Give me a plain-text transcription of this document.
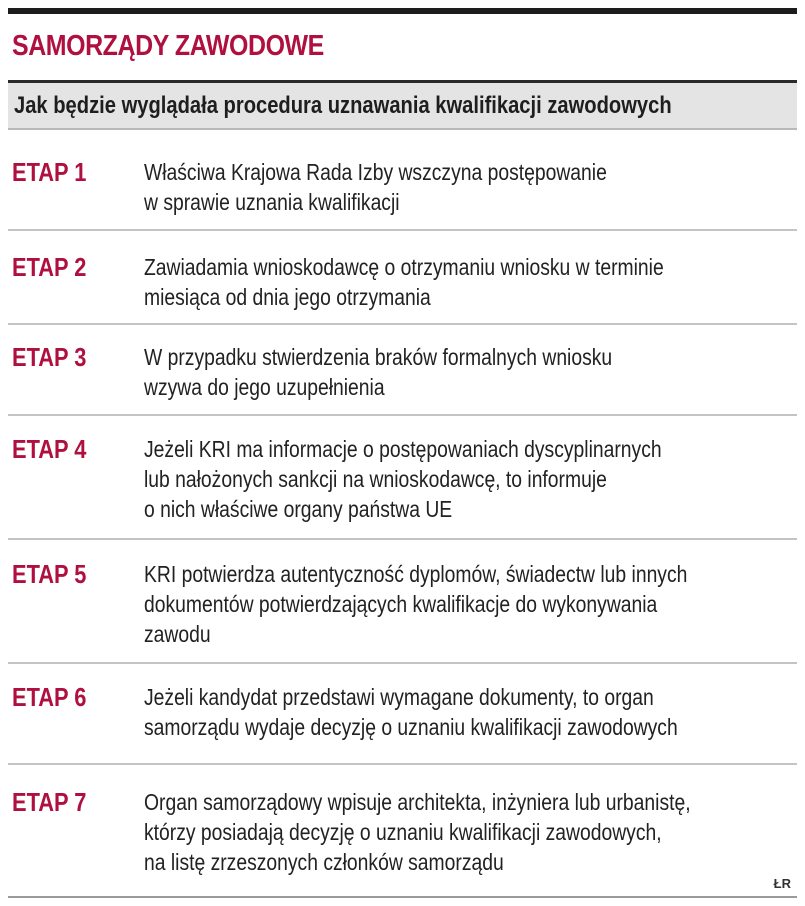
SAMORZĄDY ZAWODOWE
Jak będzie wyglądała procedura uznawania kwalifikacji zawodowych
ETAP 1	Właściwa Krajowa Rada Izby wszczyna postępowanie
w sprawie uznania kwalifikacji
ETAP 2	Zawiadamia wnioskodawcę o otrzymaniu wniosku w terminie
miesiąca od dnia jego otrzymania
ETAP 3	W przypadku stwierdzenia braków formalnych wniosku
wzywa do jego uzupełnienia
ETAP 4	Jeżeli KRI ma informacje o postępowaniach dyscyplinarnych
lub nałożonych sankcji na wnioskodawcę, to informuje
o nich właściwe organy państwa UE
ETAP 5	KRI potwierdza autentyczność dyplomów, świadectw lub innych
dokumentów potwierdzających kwalifikacje do wykonywania
zawodu
ETAP 6	Jeżeli kandydat przedstawi wymagane dokumenty, to organ
samorządu wydaje decyzję o uznaniu kwalifikacji zawodowych
ETAP 7	Organ samorządowy wpisuje architekta, inżyniera lub urbanistę,
którzy posiadają decyzję o uznaniu kwalifikacji zawodowych,
na listę zrzeszonych członków samorządu
ŁR
